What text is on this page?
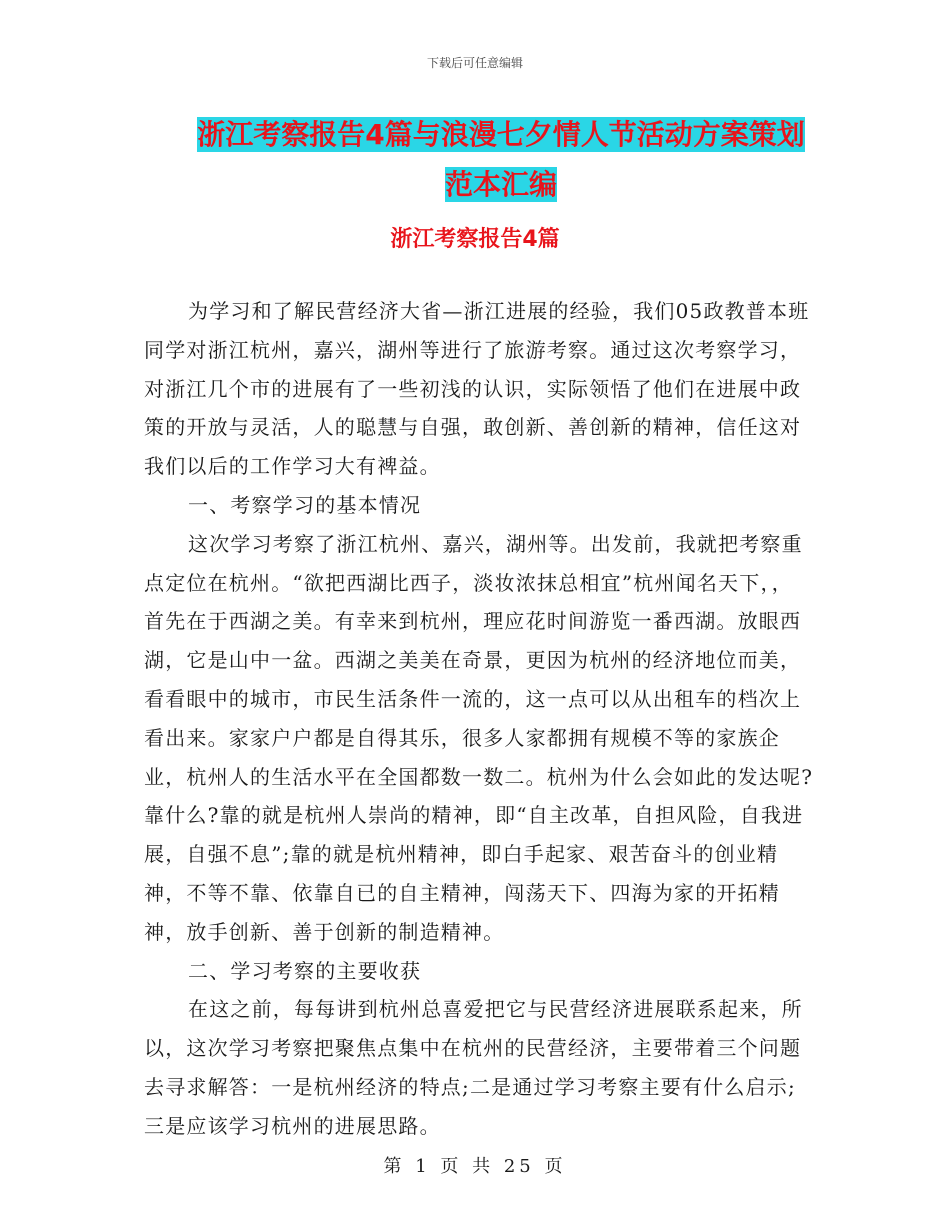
下载后可任意编辑
浙江考察报告4篇与浪漫七夕情人节活动方案策划范本汇编
浙江考察报告4篇

为学习和了解民营经济大省—浙江进展的经验，我们05政教普本班同学对浙江杭州，嘉兴，湖州等进行了旅游考察。通过这次考察学习，对浙江几个市的进展有了一些初浅的认识，实际领悟了他们在进展中政策的开放与灵活，人的聪慧与自强，敢创新、善创新的精神，信任这对我们以后的工作学习大有裨益。

一、考察学习的基本情况

这次学习考察了浙江杭州、嘉兴，湖州等。出发前，我就把考察重点定位在杭州。“欲把西湖比西子，淡妆浓抹总相宜”杭州闻名天下，，首先在于西湖之美。有幸来到杭州，理应花时间游览一番西湖。放眼西湖，它是山中一盆。西湖之美美在奇景，更因为杭州的经济地位而美，看看眼中的城市，市民生活条件一流的，这一点可以从出租车的档次上看出来。家家户户都是自得其乐，很多人家都拥有规模不等的家族企业，杭州人的生活水平在全国都数一数二。杭州为什么会如此的发达呢?靠什么?靠的就是杭州人崇尚的精神，即“自主改革，自担风险，自我进展，自强不息”;靠的就是杭州精神，即白手起家、艰苦奋斗的创业精神，不等不靠、依靠自已的自主精神，闯荡天下、四海为家的开拓精神，放手创新、善于创新的制造精神。

二、学习考察的主要收获

在这之前，每每讲到杭州总喜爱把它与民营经济进展联系起来，所以，这次学习考察把聚焦点集中在杭州的民营经济，主要带着三个问题去寻求解答：一是杭州经济的特点;二是通过学习考察主要有什么启示;三是应该学习杭州的进展思路。

第 1 页 共 25 页
